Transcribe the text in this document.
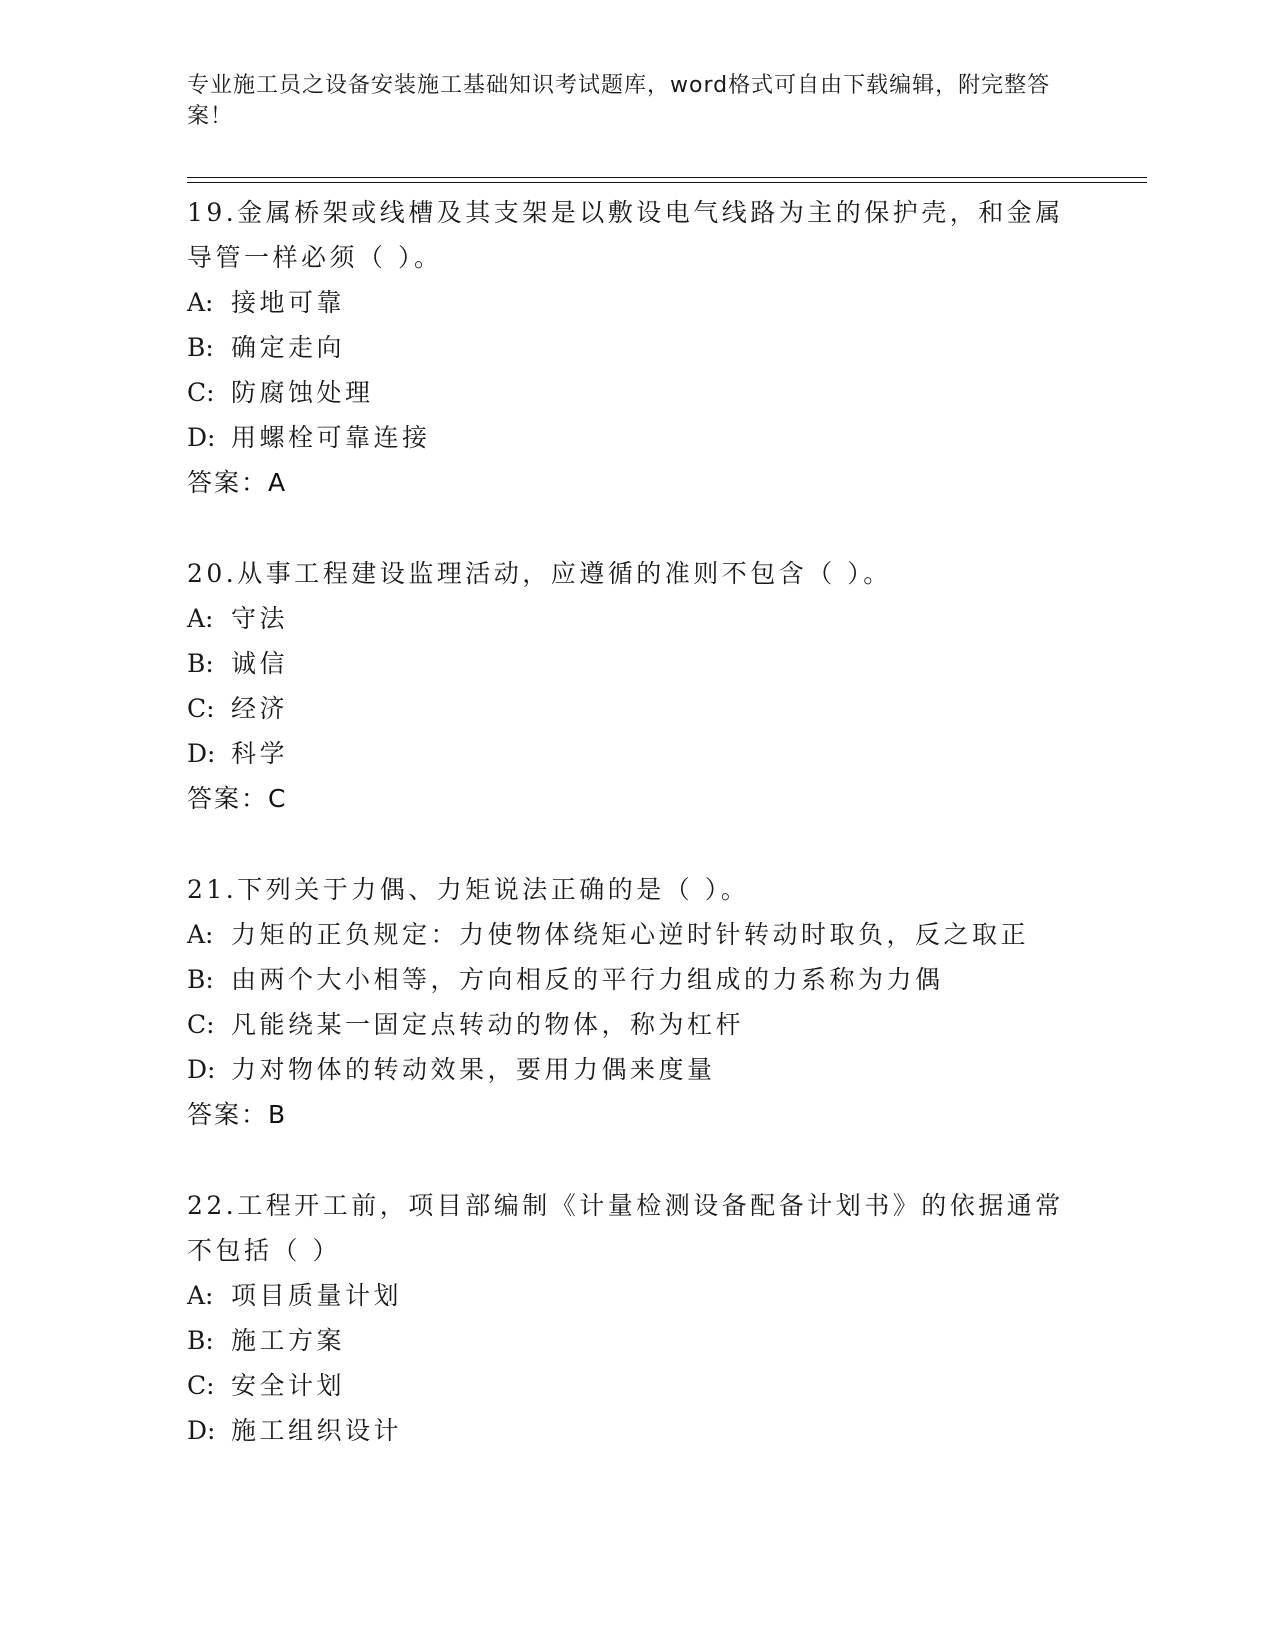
专业施工员之设备安装施工基础知识考试题库，word格式可自由下载编辑，附完整答案！
19.金属桥架或线槽及其支架是以敷设电气线路为主的保护壳，和金属导管一样必须（ ）。
A: 接地可靠
B: 确定走向
C: 防腐蚀处理
D: 用螺栓可靠连接
答案：A
20.从事工程建设监理活动，应遵循的准则不包含（ ）。
A: 守法
B: 诚信
C: 经济
D: 科学
答案：C
21.下列关于力偶、力矩说法正确的是（ ）。
A: 力矩的正负规定：力使物体绕矩心逆时针转动时取负，反之取正
B: 由两个大小相等，方向相反的平行力组成的力系称为力偶
C: 凡能绕某一固定点转动的物体，称为杠杆
D: 力对物体的转动效果，要用力偶来度量
答案：B
22.工程开工前，项目部编制《计量检测设备配备计划书》的依据通常不包括（ ）
A: 项目质量计划
B: 施工方案
C: 安全计划
D: 施工组织设计
